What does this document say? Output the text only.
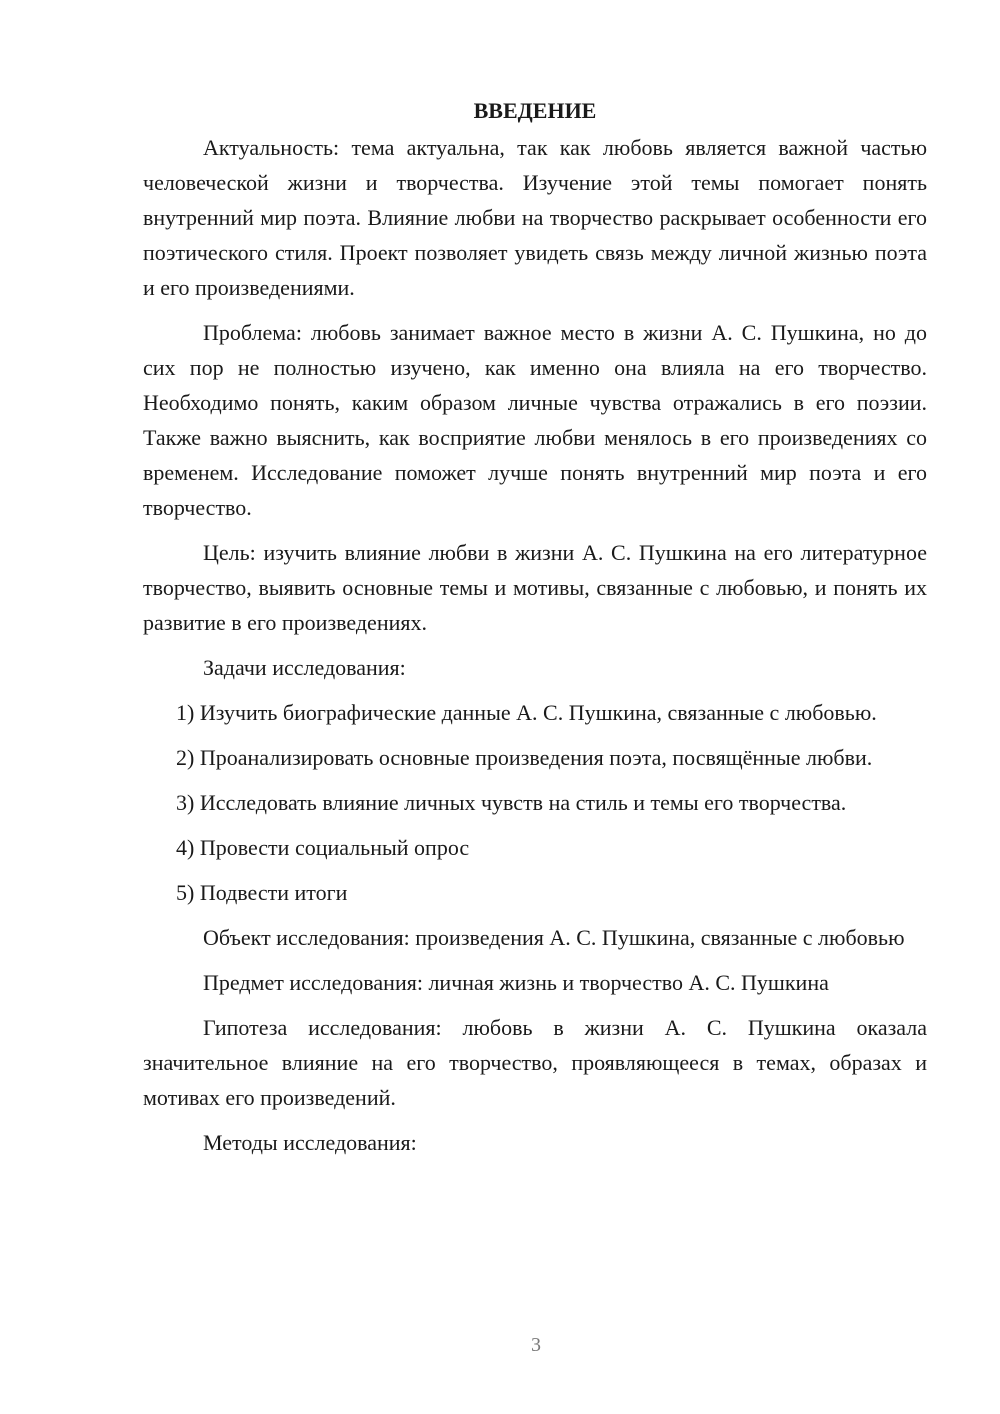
ВВЕДЕНИЕ

Актуальность: тема актуальна, так как любовь является важной частью человеческой жизни и творчества. Изучение этой темы помогает понять внутренний мир поэта. Влияние любви на творчество раскрывает особенности его поэтического стиля. Проект позволяет увидеть связь между личной жизнью поэта и его произведениями.

Проблема: любовь занимает важное место в жизни А. С. Пушкина, но до сих пор не полностью изучено, как именно она влияла на его творчество. Необходимо понять, каким образом личные чувства отражались в его поэзии. Также важно выяснить, как восприятие любви менялось в его произведениях со временем. Исследование поможет лучше понять внутренний мир поэта и его творчество.

Цель: изучить влияние любви в жизни А. С. Пушкина на его литературное творчество, выявить основные темы и мотивы, связанные с любовью, и понять их развитие в его произведениях.

Задачи исследования:

1) Изучить биографические данные А. С. Пушкина, связанные с любовью.

2) Проанализировать основные произведения поэта, посвящённые любви.

3) Исследовать влияние личных чувств на стиль и темы его творчества.

4) Провести социальный опрос

5) Подвести итоги

Объект исследования: произведения А. С. Пушкина, связанные с любовью

Предмет исследования: личная жизнь и творчество А. С. Пушкина

Гипотеза исследования: любовь в жизни А. С. Пушкина оказала значительное влияние на его творчество, проявляющееся в темах, образах и мотивах его произведений.

Методы исследования:

3
